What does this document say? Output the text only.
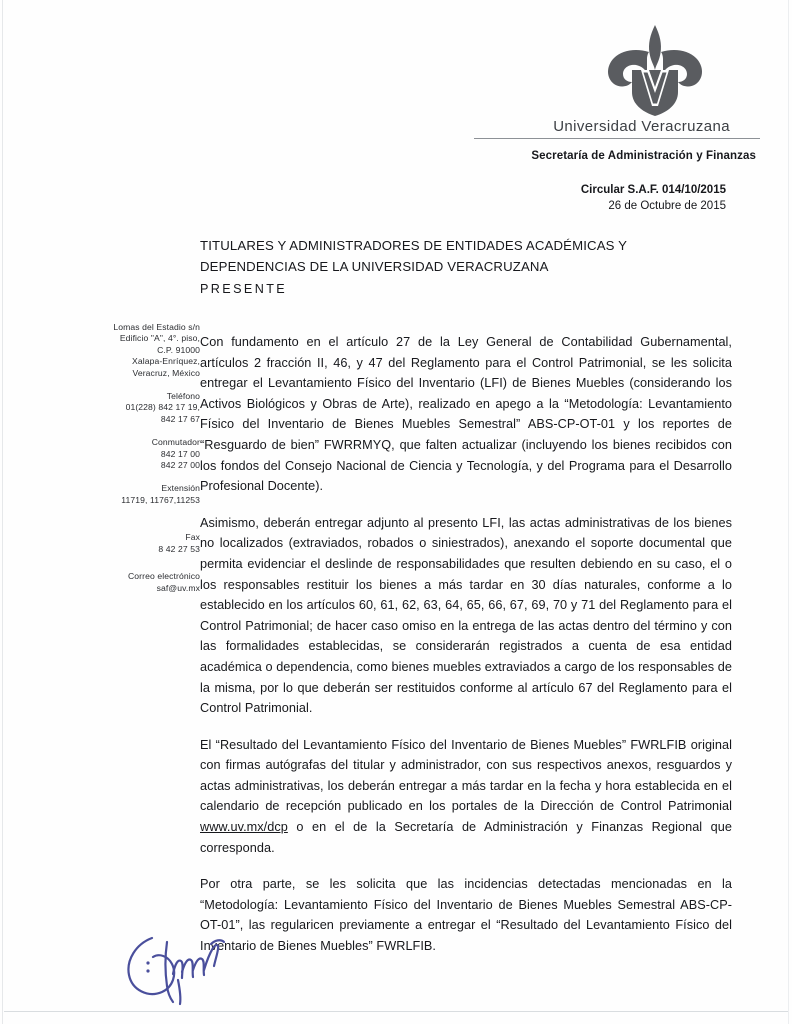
Universidad Veracruzana
Secretaría de Administración y Finanzas
Circular S.A.F. 014/10/2015
26 de Octubre de 2015
TITULARES Y ADMINISTRADORES DE ENTIDADES ACADÉMICAS Y
DEPENDENCIAS DE LA UNIVERSIDAD VERACRUZANA
PRESENTE
Lomas del Estadio s/n
Edificio "A", 4°. piso,
C.P. 91000
Xalapa-Enríquez,
Veracruz, México
Teléfono
01(228) 842 17 19,
842 17 67
Conmutador
842 17 00
842 27 00
Extensión
11719, 11767,11253
Fax
8 42 27 53
Correo electrónico
saf@uv.mx

Con fundamento en el artículo 27 de la Ley General de Contabilidad Gubernamental, artículos 2 fracción II, 46, y 47 del Reglamento para el Control Patrimonial, se les solicita entregar el Levantamiento Físico del Inventario (LFI) de Bienes Muebles (considerando los Activos Biológicos y Obras de Arte), realizado en apego a la “Metodología: Levantamiento Físico del Inventario de Bienes Muebles Semestral” ABS-CP-OT-01 y los reportes de “Resguardo de bien” FWRRMYQ, que falten actualizar (incluyendo los bienes recibidos con los fondos del Consejo Nacional de Ciencia y Tecnología, y del Programa para el Desarrollo Profesional Docente).

Asimismo, deberán entregar adjunto al presento LFI, las actas administrativas de los bienes no localizados (extraviados, robados o siniestrados), anexando el soporte documental que permita evidenciar el deslinde de responsabilidades que resulten debiendo en su caso, el o los responsables restituir los bienes a más tardar en 30 días naturales, conforme a lo establecido en los artículos 60, 61, 62, 63, 64, 65, 66, 67, 69, 70 y 71 del Reglamento para el Control Patrimonial; de hacer caso omiso en la entrega de las actas dentro del término y con las formalidades establecidas, se considerarán registrados a cuenta de esa entidad académica o dependencia, como bienes muebles extraviados a cargo de los responsables de la misma, por lo que deberán ser restituidos conforme al artículo 67 del Reglamento para el Control Patrimonial.

El “Resultado del Levantamiento Físico del Inventario de Bienes Muebles” FWRLFIB original con firmas autógrafas del titular y administrador, con sus respectivos anexos, resguardos y actas administrativas, los deberán entregar a más tardar en la fecha y hora establecida en el calendario de recepción publicado en los portales de la Dirección de Control Patrimonial www.uv.mx/dcp o en el de la Secretaría de Administración y Finanzas Regional que corresponda.

Por otra parte, se les solicita que las incidencias detectadas mencionadas en la “Metodología: Levantamiento Físico del Inventario de Bienes Muebles Semestral ABS-CP-OT-01”, las regularicen previamente a entregar el “Resultado del Levantamiento Físico del Inventario de Bienes Muebles” FWRLFIB.
